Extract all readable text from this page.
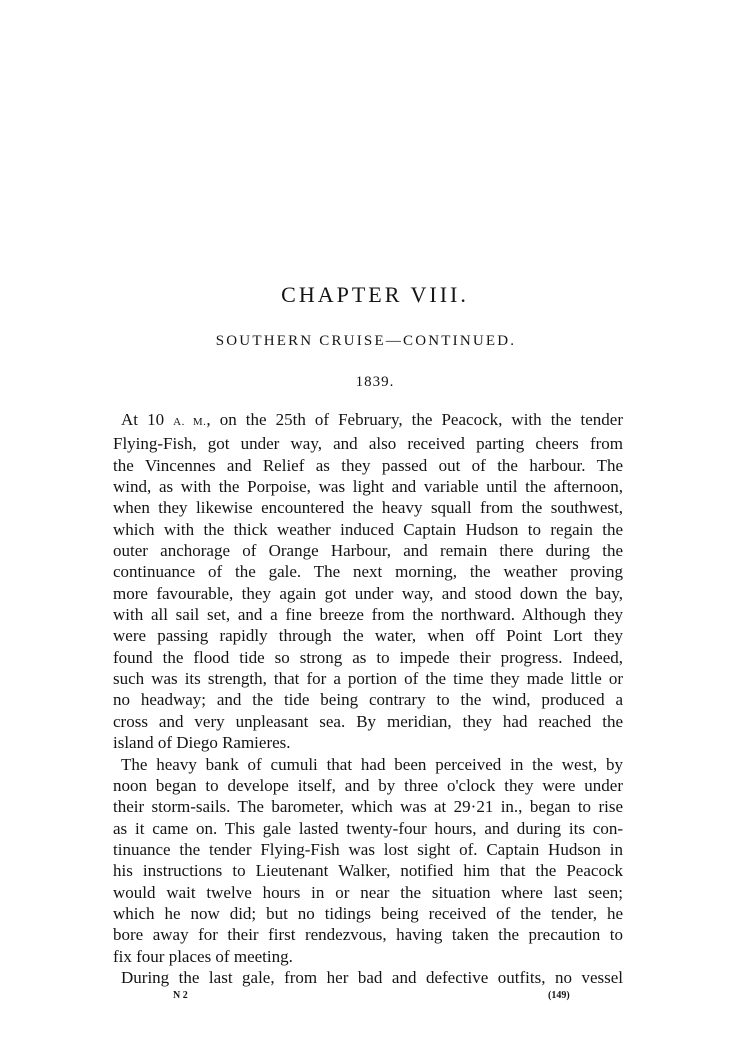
CHAPTER VIII.
SOUTHERN CRUISE—CONTINUED.
1839.
At 10 A. M., on the 25th of February, the Peacock, with the tender
Flying-Fish, got under way, and also received parting cheers from
the Vincennes and Relief as they passed out of the harbour. The
wind, as with the Porpoise, was light and variable until the afternoon,
when they likewise encountered the heavy squall from the southwest,
which with the thick weather induced Captain Hudson to regain the
outer anchorage of Orange Harbour, and remain there during the
continuance of the gale. The next morning, the weather proving
more favourable, they again got under way, and stood down the bay,
with all sail set, and a fine breeze from the northward. Although they
were passing rapidly through the water, when off Point Lort they
found the flood tide so strong as to impede their progress. Indeed,
such was its strength, that for a portion of the time they made little or
no headway; and the tide being contrary to the wind, produced a
cross and very unpleasant sea. By meridian, they had reached the
island of Diego Ramieres.
The heavy bank of cumuli that had been perceived in the west, by
noon began to develope itself, and by three o'clock they were under
their storm-sails. The barometer, which was at 29·21 in., began to rise
as it came on. This gale lasted twenty-four hours, and during its con-
tinuance the tender Flying-Fish was lost sight of. Captain Hudson in
his instructions to Lieutenant Walker, notified him that the Peacock
would wait twelve hours in or near the situation where last seen;
which he now did; but no tidings being received of the tender, he
bore away for their first rendezvous, having taken the precaution to
fix four places of meeting.
During the last gale, from her bad and defective outfits, no vessel
N 2	(149)
